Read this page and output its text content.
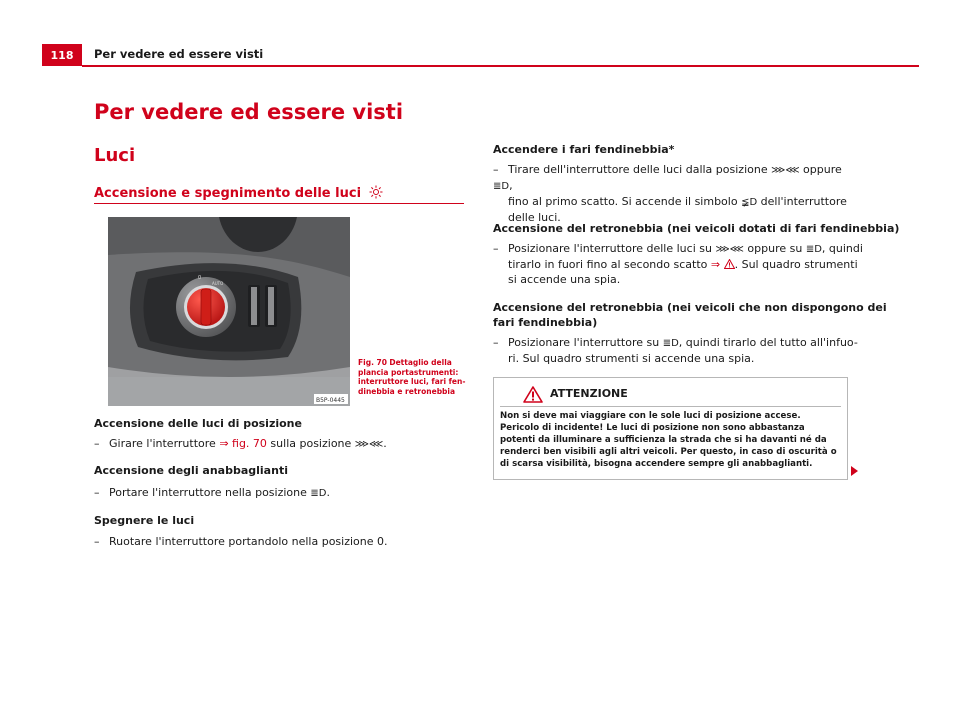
118	Per vedere ed essere visti
Per vedere ed essere visti
Luci
Accensione e spegnimento delle luci
0
AUTO
B5P-0445
Fig. 70 Dettaglio della plancia portastrumenti: interruttore luci, fari fen-dinebbia e retronebbia
Accensione delle luci di posizione
– Girare l'interruttore ⇒ fig. 70 sulla posizione ⋙⋘.
Accensione degli anabbaglianti
– Portare l'interruttore nella posizione ≣D.
Spegnere le luci
– Ruotare l'interruttore portandolo nella posizione 0.
Accendere i fari fendinebbia*
– Tirare dell'interruttore delle luci dalla posizione ⋙⋘ oppure ≣D,
fino al primo scatto. Si accende il simbolo ≨D dell'interruttore
delle luci.
Accensione del retronebbia (nei veicoli dotati di fari fendinebbia)
– Posizionare l'interruttore delle luci su ⋙⋘ oppure su ≣D, quindi
tirarlo in fuori fino al secondo scatto ⇒ . Sul quadro strumenti
si accende una spia.
Accensione del retronebbia (nei veicoli che non dispongono dei
fari fendinebbia)
– Posizionare l'interruttore su ≣D, quindi tirarlo del tutto all'infuo-
ri. Sul quadro strumenti si accende una spia.
ATTENZIONE
Non si deve mai viaggiare con le sole luci di posizione accese. Pericolo di incidente! Le luci di posizione non sono abbastanza potenti da illuminare a sufficienza la strada che si ha davanti né da renderci ben visibili agli altri veicoli. Per questo, in caso di oscurità o di scarsa visibilità, bisogna accendere sempre gli anabbaglianti.
